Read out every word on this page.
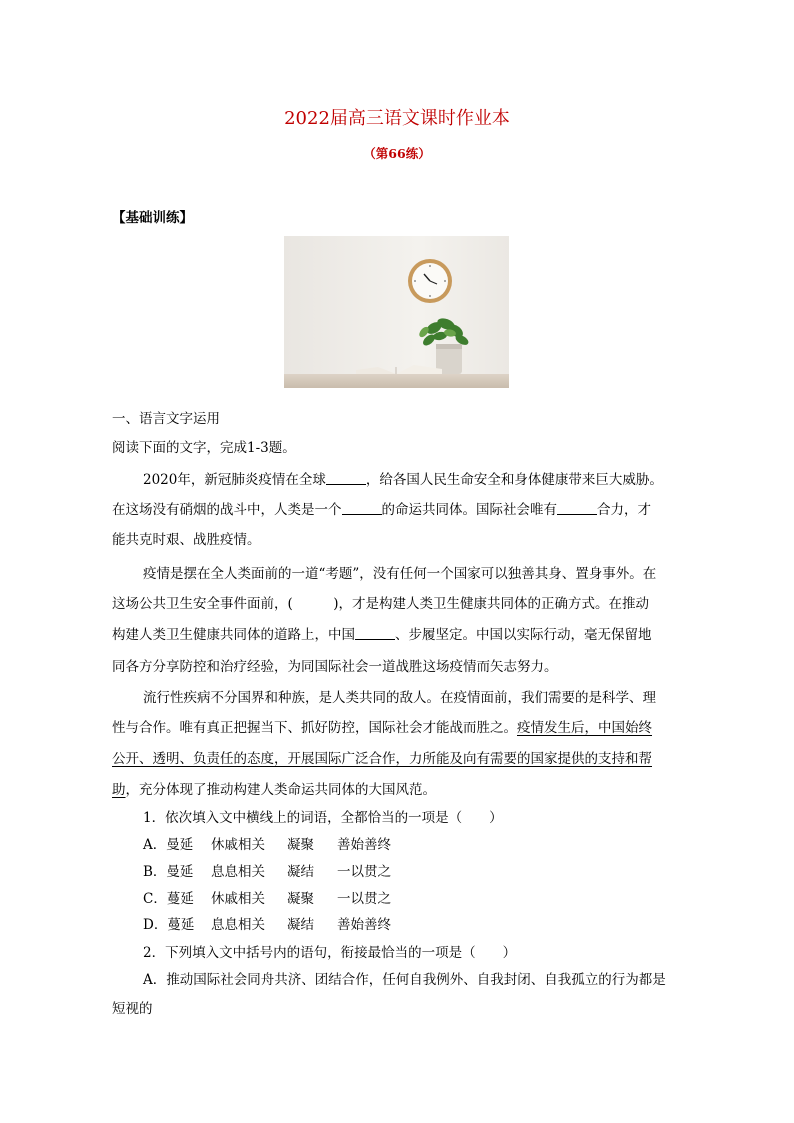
2022届高三语文课时作业本
（第66练）
【基础训练】
一、语言文字运用
阅读下面的文字，完成1-3题。
2020年，新冠肺炎疫情在全球	，给各国人民生命安全和身体健康带来巨大威胁。
在这场没有硝烟的战斗中，人类是一个	的命运共同体。国际社会唯有	合力，才
能共克时艰、战胜疫情。
疫情是摆在全人类面前的一道“考题”，没有任何一个国家可以独善其身、置身事外。在
这场公共卫生安全事件面前，(　　　)，才是构建人类卫生健康共同体的正确方式。在推动
构建人类卫生健康共同体的道路上，中国	、步履坚定。中国以实际行动，毫无保留地
同各方分享防控和治疗经验，为同国际社会一道战胜这场疫情而矢志努力。
流行性疾病不分国界和种族，是人类共同的敌人。在疫情面前，我们需要的是科学、理
性与合作。唯有真正把握当下、抓好防控，国际社会才能战而胜之。疫情发生后，中国始终
公开、透明、负责任的态度，开展国际广泛合作，力所能及向有需要的国家提供的支持和帮
助，充分体现了推动构建人类命运共同体的大国风范。
1．依次填入文中横线上的词语，全都恰当的一项是（　　）
A．曼延 休戚相关 凝聚 善始善终
B．曼延 息息相关 凝结 一以贯之
C．蔓延 休戚相关 凝聚 一以贯之
D．蔓延 息息相关 凝结 善始善终
2．下列填入文中括号内的语句，衔接最恰当的一项是（　　）
A．推动国际社会同舟共济、团结合作，任何自我例外、自我封闭、自我孤立的行为都是
短视的
